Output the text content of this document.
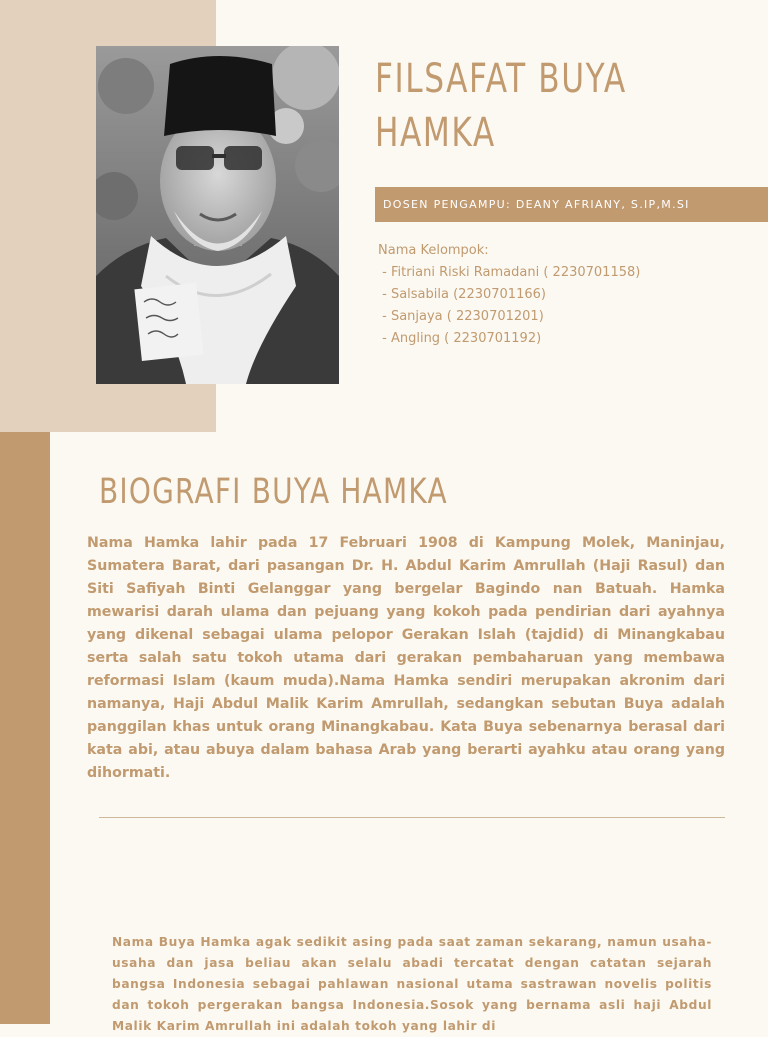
FILSAFAT BUYA HAMKA
DOSEN PENGAMPU: DEANY AFRIANY, S.IP,M.SI
Nama Kelompok:
- Fitriani Riski Ramadani ( 2230701158)
- Salsabila (2230701166)
- Sanjaya ( 2230701201)
- Angling ( 2230701192)
BIOGRAFI BUYA HAMKA

Nama Hamka lahir pada 17 Februari 1908 di Kampung Molek, Maninjau, Sumatera Barat, dari pasangan Dr. H. Abdul Karim Amrullah (Haji Rasul) dan Siti Safiyah Binti Gelanggar yang bergelar Bagindo nan Batuah. Hamka mewarisi darah ulama dan pejuang yang kokoh pada pendirian dari ayahnya yang dikenal sebagai ulama pelopor Gerakan Islah (tajdid) di Minangkabau serta salah satu tokoh utama dari gerakan pembaharuan yang membawa reformasi Islam (kaum muda).Nama Hamka sendiri merupakan akronim dari namanya, Haji Abdul Malik Karim Amrullah, sedangkan sebutan Buya adalah panggilan khas untuk orang Minangkabau. Kata Buya sebenarnya berasal dari kata abi, atau abuya dalam bahasa Arab yang berarti ayahku atau orang yang dihormati.

Nama Buya Hamka agak sedikit asing pada saat zaman sekarang, namun usaha-usaha dan jasa beliau akan selalu abadi tercatat dengan catatan sejarah bangsa Indonesia sebagai pahlawan nasional utama sastrawan novelis politis dan tokoh pergerakan bangsa Indonesia.Sosok yang bernama asli haji Abdul Malik Karim Amrullah ini adalah tokoh yang lahir di
